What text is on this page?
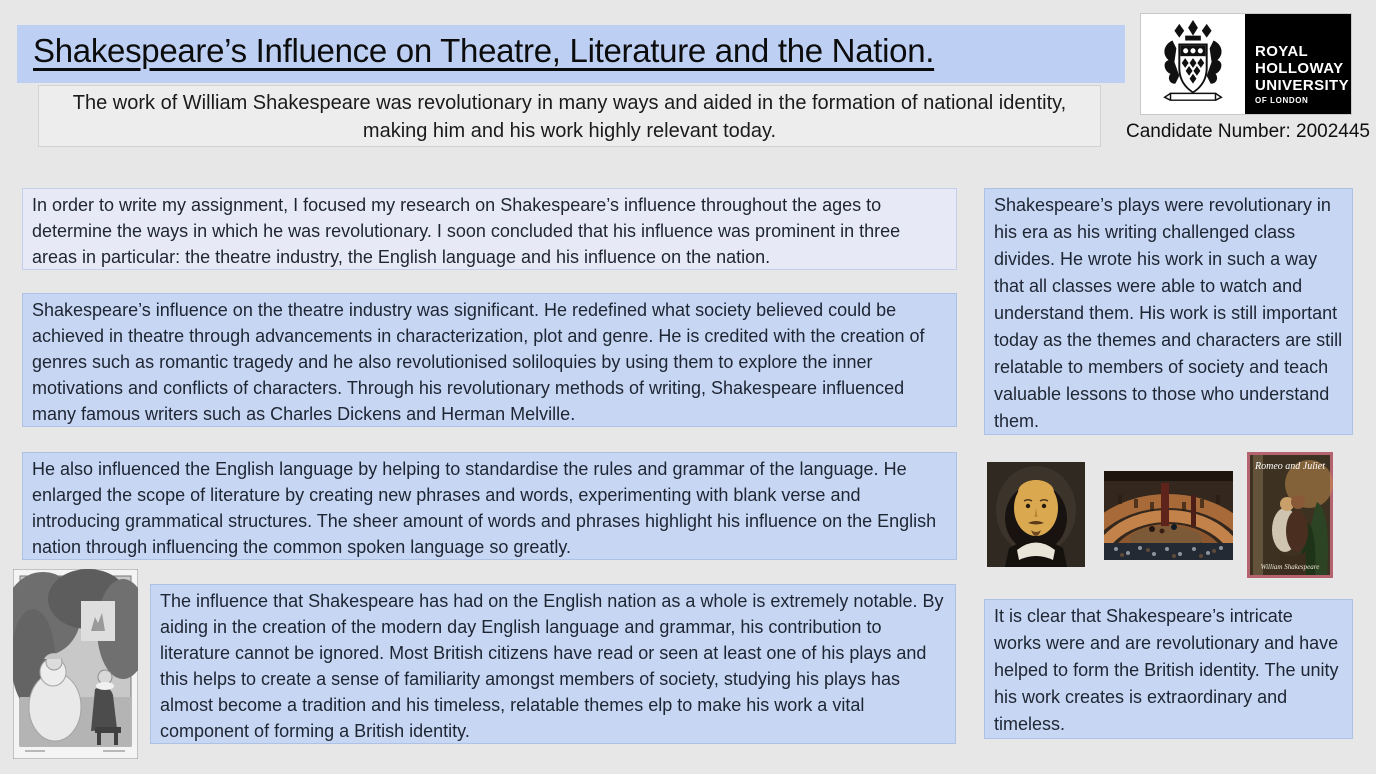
Shakespeare’s Influence on Theatre, Literature and the Nation.
The work of William Shakespeare was revolutionary in many ways and aided in the formation of national identity, making him and his work highly relevant today.
ROYAL
HOLLOWAY
UNIVERSITY
OF LONDON
Candidate Number: 2002445
In order to write my assignment, I focused my research on Shakespeare’s influence throughout the ages to determine the ways in which he was revolutionary. I soon concluded that his influence was prominent in three areas in particular: the theatre industry, the English language and his influence on the nation.
Shakespeare’s influence on the theatre industry was significant. He redefined what society believed could be achieved in theatre through advancements in characterization, plot and genre. He is credited with the creation of genres such as romantic tragedy and he also revolutionised soliloquies by using them to explore the inner motivations and conflicts of characters. Through his revolutionary methods of writing, Shakespeare influenced many famous writers such as Charles Dickens and Herman Melville.
He also influenced the English language by helping to standardise the rules and grammar of the language. He enlarged the scope of literature by creating new phrases and words, experimenting with blank verse and introducing grammatical structures. The sheer amount of words and phrases highlight his influence on the English nation through influencing the common spoken language so greatly.
The influence that Shakespeare has had on the English nation as a whole is extremely notable. By aiding in the creation of the modern day English language and grammar, his contribution to literature cannot be ignored. Most British citizens have read or seen at least one of his plays and this helps to create a sense of familiarity amongst members of society, studying his plays has almost become a tradition and his timeless, relatable themes elp to make his work a vital component of forming a British identity.
Shakespeare’s plays were revolutionary in his era as his writing challenged class divides. He wrote his work in such a way that all classes were able to watch and understand them. His work is still important today as the themes and characters are still relatable to members of society and teach valuable lessons to those who understand them.
It is clear that Shakespeare’s intricate works were and are revolutionary and have helped to form the British identity. The unity his work creates is extraordinary and timeless.
Romeo and Juliet
William Shakespeare
